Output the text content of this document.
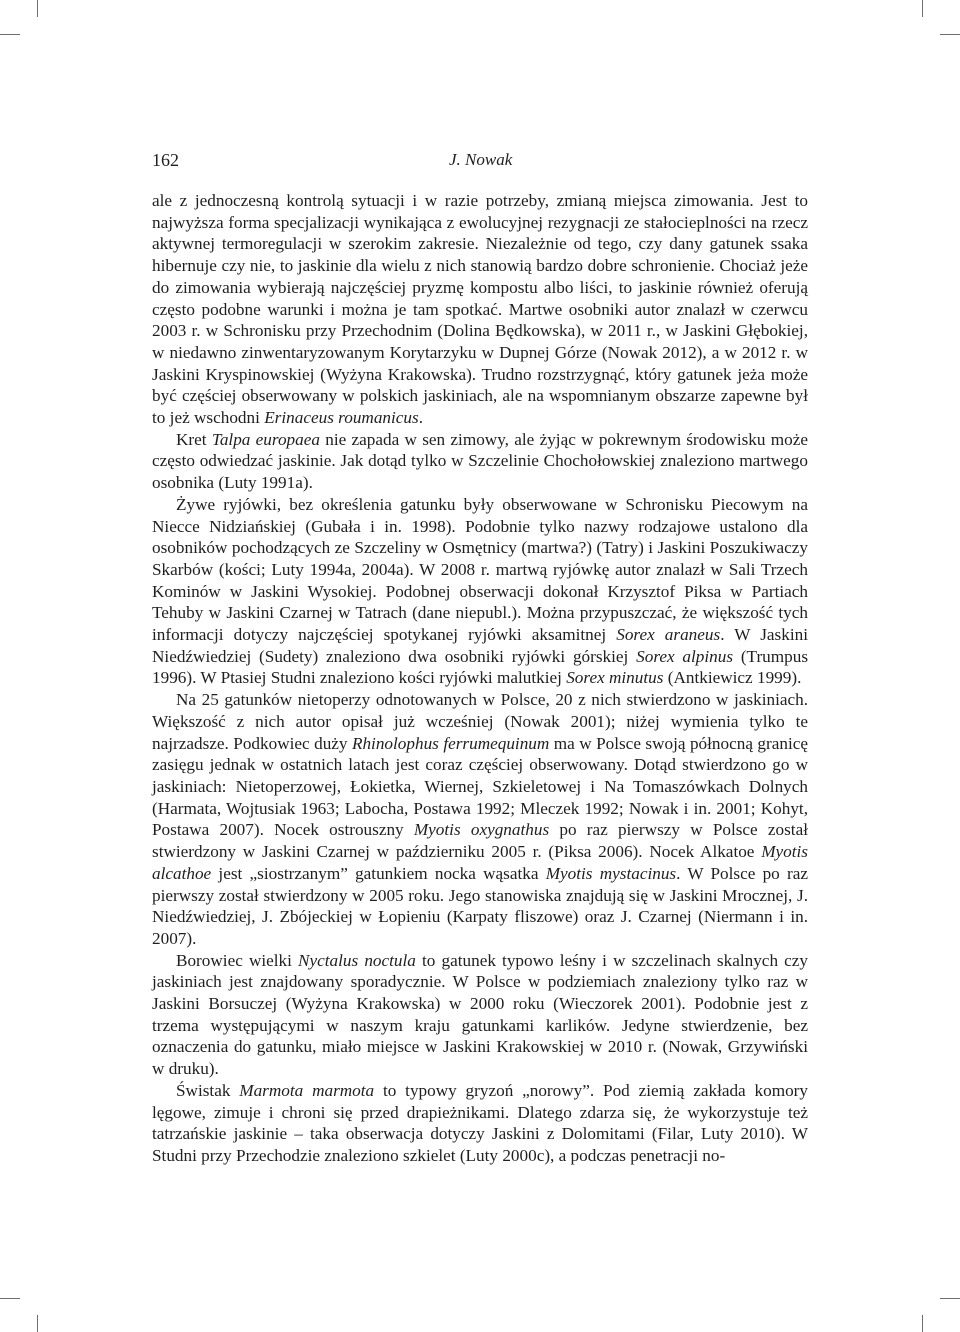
162	J. Nowak

ale z jednoczesną kontrolą sytuacji i w razie potrzeby, zmianą miejsca zimowania. Jest to najwyższa forma specjalizacji wynikająca z ewolucyjnej rezygnacji ze stałocieplności na rzecz aktywnej termoregulacji w szerokim zakresie. Niezależnie od tego, czy dany gatunek ssaka hibernuje czy nie, to jaskinie dla wielu z nich stanowią bardzo dobre schronienie. Chociaż jeże do zimowania wybierają najczęściej pryzmę kompostu albo liści, to jaskinie również oferują często podobne warunki i można je tam spotkać. Martwe osobniki autor znalazł w czerwcu 2003 r. w Schronisku przy Przechodnim (Dolina Będkowska), w 2011 r., w Jaskini Głębokiej, w niedawno zinwentaryzowanym Korytarzyku w Dupnej Górze (Nowak 2012), a w 2012 r. w Jaskini Kryspinowskiej (Wyżyna Krakowska). Trudno rozstrzygnąć, który gatunek jeża może być częściej obserwowany w polskich jaskiniach, ale na wspomnianym obszarze zapewne był to jeż wschodni Erinaceus roumanicus.

Kret Talpa europaea nie zapada w sen zimowy, ale żyjąc w pokrewnym środowisku może często odwiedzać jaskinie. Jak dotąd tylko w Szczelinie Chochołowskiej znaleziono martwego osobnika (Luty 1991a).

Żywe ryjówki, bez określenia gatunku były obserwowane w Schronisku Piecowym na Niecce Nidziańskiej (Gubała i in. 1998). Podobnie tylko nazwy rodzajowe ustalono dla osobników pochodzących ze Szczeliny w Osmętnicy (martwa?) (Tatry) i Jaskini Poszukiwaczy Skarbów (kości; Luty 1994a, 2004a). W 2008 r. martwą ryjówkę autor znalazł w Sali Trzech Kominów w Jaskini Wysokiej. Podobnej obserwacji dokonał Krzysztof Piksa w Partiach Tehuby w Jaskini Czarnej w Tatrach (dane niepubl.). Można przypuszczać, że większość tych informacji dotyczy najczęściej spotykanej ryjówki aksamitnej Sorex araneus. W Jaskini Niedźwiedziej (Sudety) znaleziono dwa osobniki ryjówki górskiej Sorex alpinus (Trumpus 1996). W Ptasiej Studni znaleziono kości ryjówki malutkiej Sorex minutus (Antkiewicz 1999).

Na 25 gatunków nietoperzy odnotowanych w Polsce, 20 z nich stwierdzono w jaskiniach. Większość z nich autor opisał już wcześniej (Nowak 2001); niżej wymienia tylko te najrzadsze. Podkowiec duży Rhinolophus ferrumequinum ma w Polsce swoją północną granicę zasięgu jednak w ostatnich latach jest coraz częściej obserwowany. Dotąd stwierdzono go w jaskiniach: Nietoperzowej, Łokietka, Wiernej, Szkieletowej i Na Tomaszówkach Dolnych (Harmata, Wojtusiak 1963; Labocha, Postawa 1992; Mleczek 1992; Nowak i in. 2001; Kohyt, Postawa 2007). Nocek ostrouszny Myotis oxygnathus po raz pierwszy w Polsce został stwierdzony w Jaskini Czarnej w październiku 2005 r. (Piksa 2006). Nocek Alkatoe Myotis alcathoe jest „siostrzanym” gatunkiem nocka wąsatka Myotis mystacinus. W Polsce po raz pierwszy został stwierdzony w 2005 roku. Jego stanowiska znajdują się w Jaskini Mrocznej, J. Niedźwiedziej, J. Zbójeckiej w Łopieniu (Karpaty fliszowe) oraz J. Czarnej (Niermann i in. 2007).

Borowiec wielki Nyctalus noctula to gatunek typowo leśny i w szczelinach skalnych czy jaskiniach jest znajdowany sporadycznie. W Polsce w podziemiach znaleziony tylko raz w Jaskini Borsuczej (Wyżyna Krakowska) w 2000 roku (Wieczorek 2001). Podobnie jest z trzema występującymi w naszym kraju gatunkami karlików. Jedyne stwierdzenie, bez oznaczenia do gatunku, miało miejsce w Jaskini Krakowskiej w 2010 r. (Nowak, Grzywiński w druku).

Świstak Marmota marmota to typowy gryzoń „norowy”. Pod ziemią zakłada komory lęgowe, zimuje i chroni się przed drapieżnikami. Dlatego zdarza się, że wykorzystuje też tatrzańskie jaskinie – taka obserwacja dotyczy Jaskini z Dolomitami (Filar, Luty 2010). W Studni przy Przechodzie znaleziono szkielet (Luty 2000c), a podczas penetracji no-
